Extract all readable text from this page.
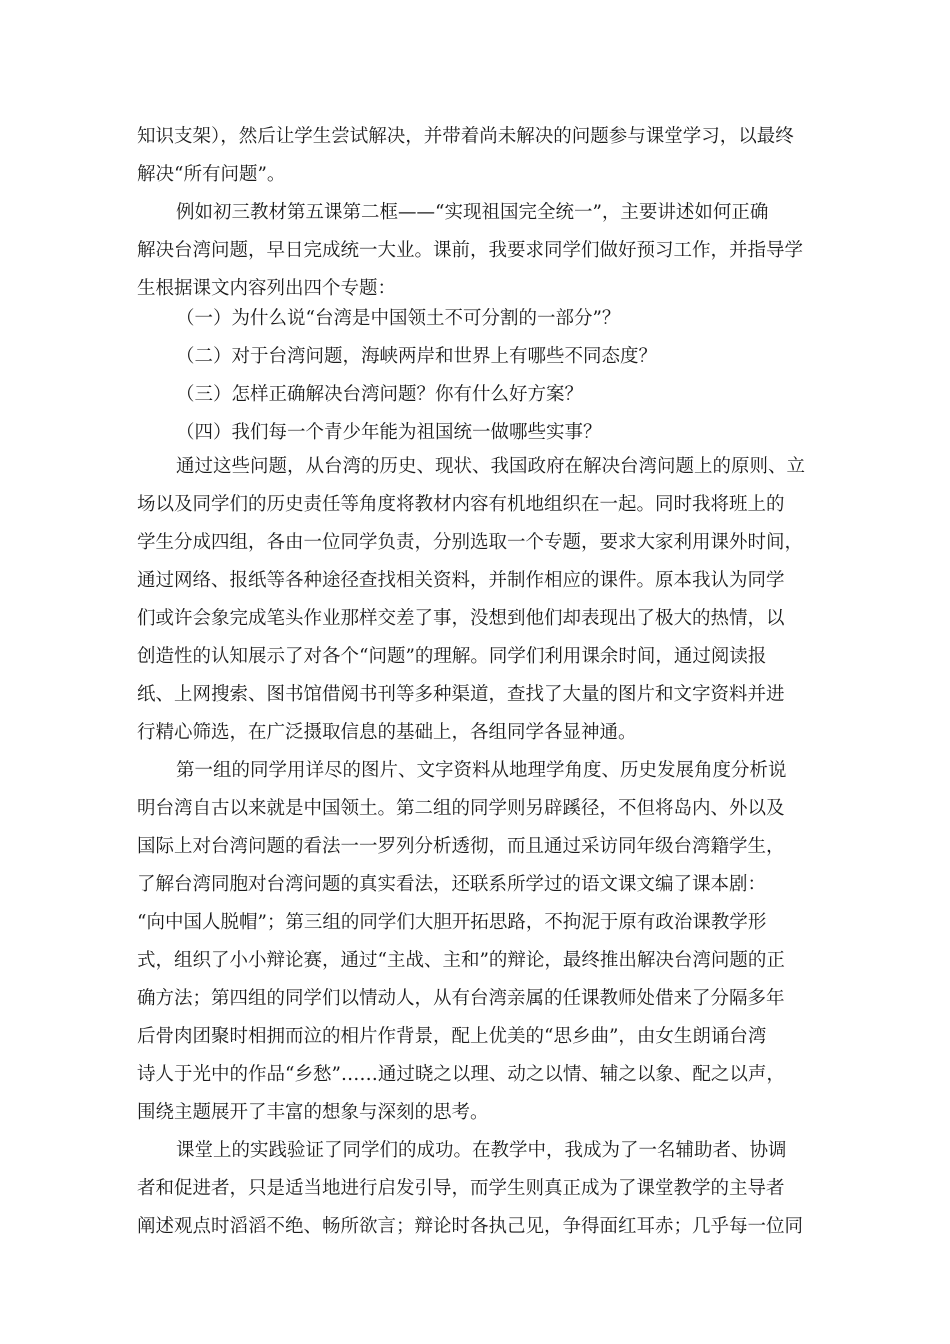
知识支架），然后让学生尝试解决，并带着尚未解决的问题参与课堂学习，以最终
解决“所有问题”。
例如初三教材第五课第二框——“实现祖国完全统一”，主要讲述如何正确
解决台湾问题，早日完成统一大业。课前，我要求同学们做好预习工作，并指导学
生根据课文内容列出四个专题：
（一）为什么说“台湾是中国领土不可分割的一部分”？
（二）对于台湾问题，海峡两岸和世界上有哪些不同态度？
（三）怎样正确解决台湾问题？你有什么好方案？
（四）我们每一个青少年能为祖国统一做哪些实事？
通过这些问题，从台湾的历史、现状、我国政府在解决台湾问题上的原则、立
场以及同学们的历史责任等角度将教材内容有机地组织在一起。同时我将班上的
学生分成四组，各由一位同学负责，分别选取一个专题，要求大家利用课外时间，
通过网络、报纸等各种途径查找相关资料，并制作相应的课件。原本我认为同学
们或许会象完成笔头作业那样交差了事，没想到他们却表现出了极大的热情，以
创造性的认知展示了对各个“问题”的理解。同学们利用课余时间，通过阅读报
纸、上网搜索、图书馆借阅书刊等多种渠道，查找了大量的图片和文字资料并进
行精心筛选，在广泛摄取信息的基础上，各组同学各显神通。
第一组的同学用详尽的图片、文字资料从地理学角度、历史发展角度分析说
明台湾自古以来就是中国领土。第二组的同学则另辟蹊径，不但将岛内、外以及
国际上对台湾问题的看法一一罗列分析透彻，而且通过采访同年级台湾籍学生，
了解台湾同胞对台湾问题的真实看法，还联系所学过的语文课文编了课本剧：
“向中国人脱帽”；第三组的同学们大胆开拓思路，不拘泥于原有政治课教学形
式，组织了小小辩论赛，通过“主战、主和”的辩论，最终推出解决台湾问题的正
确方法；第四组的同学们以情动人，从有台湾亲属的任课教师处借来了分隔多年
后骨肉团聚时相拥而泣的相片作背景，配上优美的“思乡曲”，由女生朗诵台湾
诗人于光中的作品“乡愁”……通过晓之以理、动之以情、辅之以象、配之以声，
围绕主题展开了丰富的想象与深刻的思考。
课堂上的实践验证了同学们的成功。在教学中，我成为了一名辅助者、协调
者和促进者，只是适当地进行启发引导，而学生则真正成为了课堂教学的主导者
阐述观点时滔滔不绝、畅所欲言；辩论时各执己见，争得面红耳赤；几乎每一位同
